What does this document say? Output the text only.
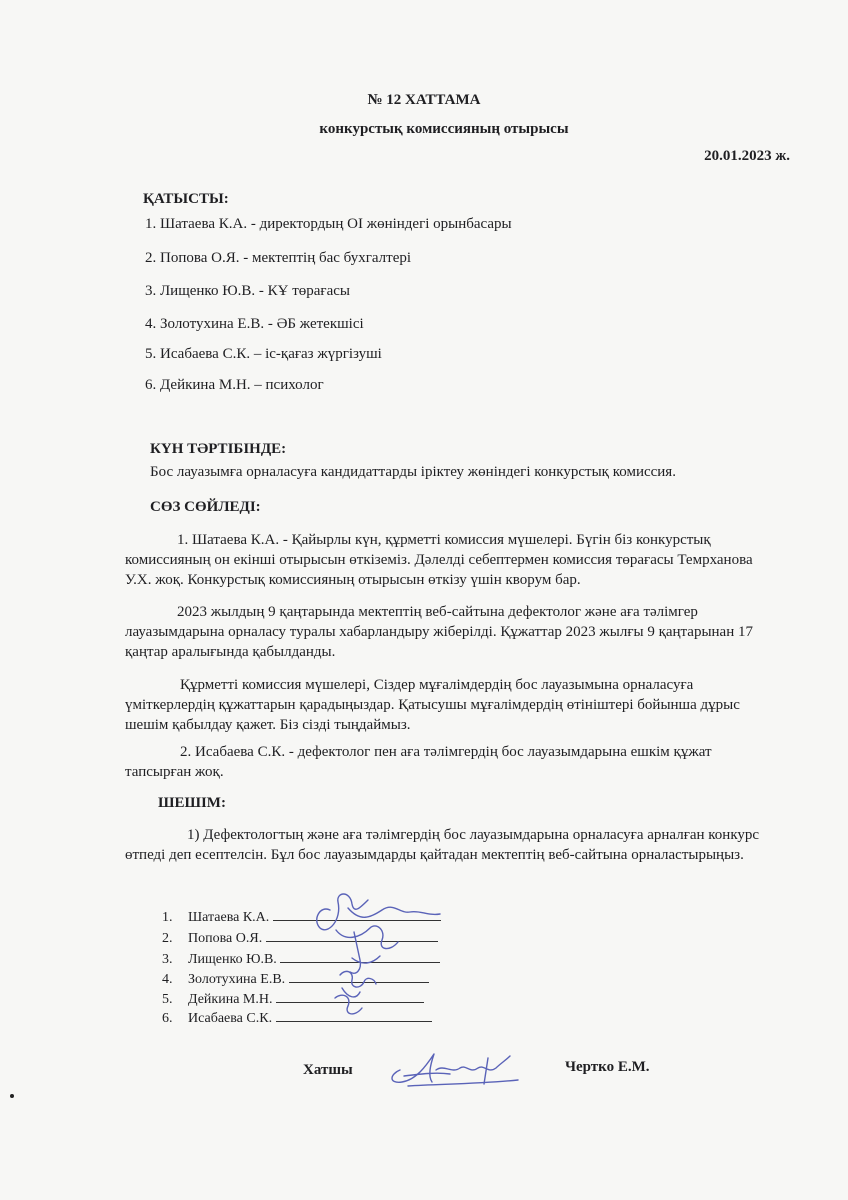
№ 12 ХАТТАМА
конкурстық комиссияның отырысы
20.01.2023 ж.
ҚАТЫСТЫ:
1. Шатаева К.А. - директордың ОІ жөніндегі орынбасары
2. Попова О.Я. - мектептің бас бухгалтері
3. Лищенко Ю.В. - КҰ төрағасы
4. Золотухина Е.В. - ӘБ жетекшісі
5. Исабаева С.К. – іс-қағаз жүргізуші
6. Дейкина М.Н. – психолог
КҮН ТӘРТІБІНДЕ:
Бос лауазымға орналасуға кандидаттарды іріктеу жөніндегі конкурстық комиссия.
СӨЗ СӨЙЛЕДІ:
1. Шатаева К.А. - Қайырлы күн, құрметті комиссия мүшелері. Бүгін біз конкурстық комиссияның он екінші отырысын өткіземіз. Дәлелді себептермен комиссия төрағасы Темрханова У.Х. жоқ. Конкурстық комиссияның отырысын өткізу үшін кворум бар.
2023 жылдың 9 қаңтарында мектептің веб-сайтына дефектолог және аға тәлімгер лауазымдарына орналасу туралы хабарландыру жіберілді. Құжаттар 2023 жылғы 9 қаңтарынан 17 қаңтар аралығында қабылданды.
Құрметті комиссия мүшелері, Сіздер мұғалімдердің бос лауазымына орналасуға үміткерлердің құжаттарын қарадыңыздар. Қатысушы мұғалімдердің өтініштері бойынша дұрыс шешім қабылдау қажет. Біз сізді тыңдаймыз.
2. Исабаева С.К. - дефектолог пен аға тәлімгердің бос лауазымдарына ешкім құжат тапсырған жоқ.
ШЕШІМ:
1) Дефектологтың және аға тәлімгердің бос лауазымдарына орналасуға арналған конкурс өтпеді деп есептелсін. Бұл бос лауазымдарды қайтадан мектептің веб-сайтына орналастырыңыз.
1. Шатаева К.А.
2. Попова О.Я.
3. Лищенко Ю.В.
4. Золотухина Е.В.
5. Дейкина М.Н.
6. Исабаева С.К.
Хатшы	Чертко Е.М.
